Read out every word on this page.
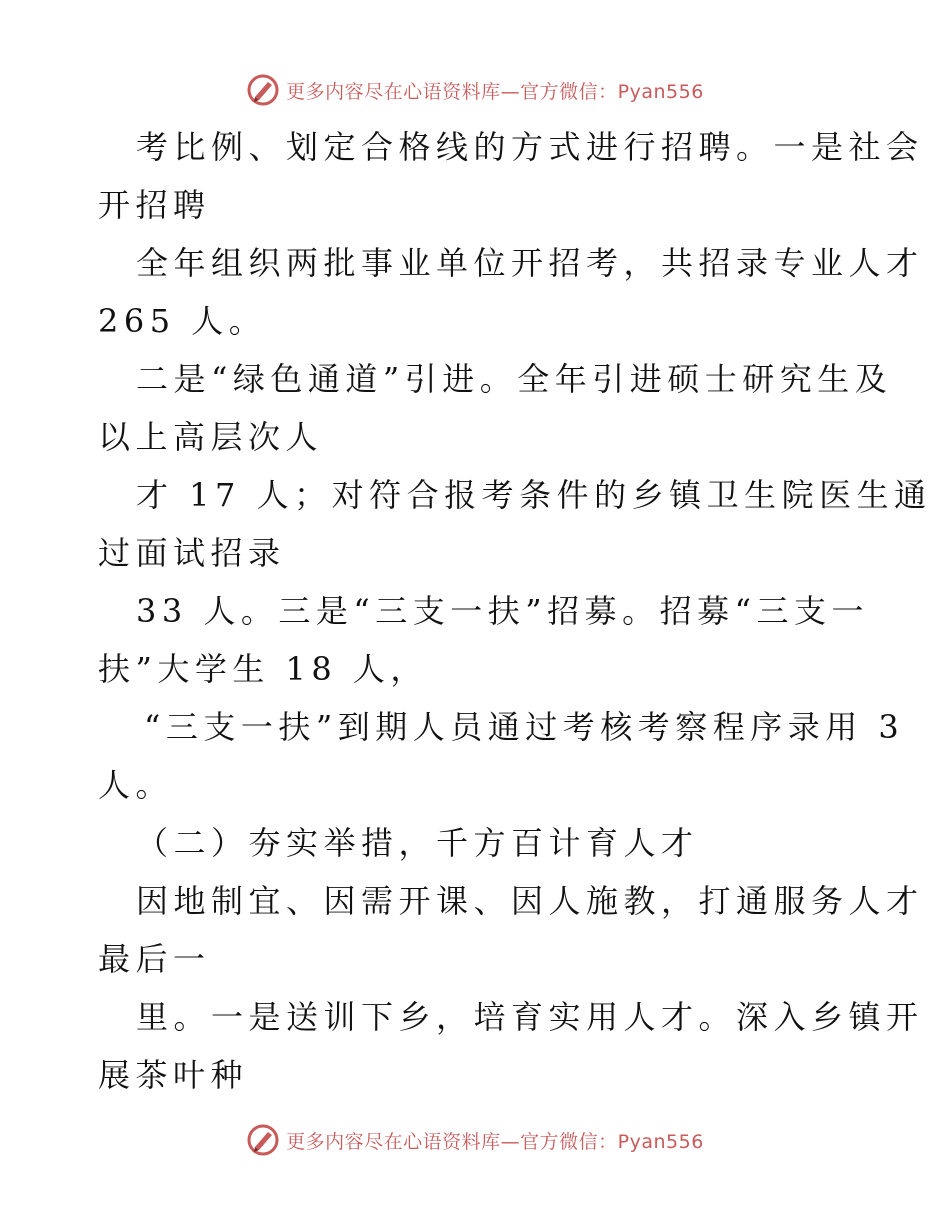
更多内容尽在心语资料库—官方微信：Pyan556
考比例、划定合格线的方式进行招聘。一是社会
开招聘
全年组织两批事业单位开招考，共招录专业人才
265 人。
二是“绿色通道”引进。全年引进硕士研究生及
以上高层次人
才 17 人；对符合报考条件的乡镇卫生院医生通
过面试招录
33 人。三是“三支一扶”招募。招募“三支一
扶”大学生 18 人，
“三支一扶”到期人员通过考核考察程序录用 3
人。
（二）夯实举措，千方百计育人才
因地制宜、因需开课、因人施教，打通服务人才
最后一
里。一是送训下乡，培育实用人才。深入乡镇开
展茶叶种
更多内容尽在心语资料库—官方微信：Pyan556
